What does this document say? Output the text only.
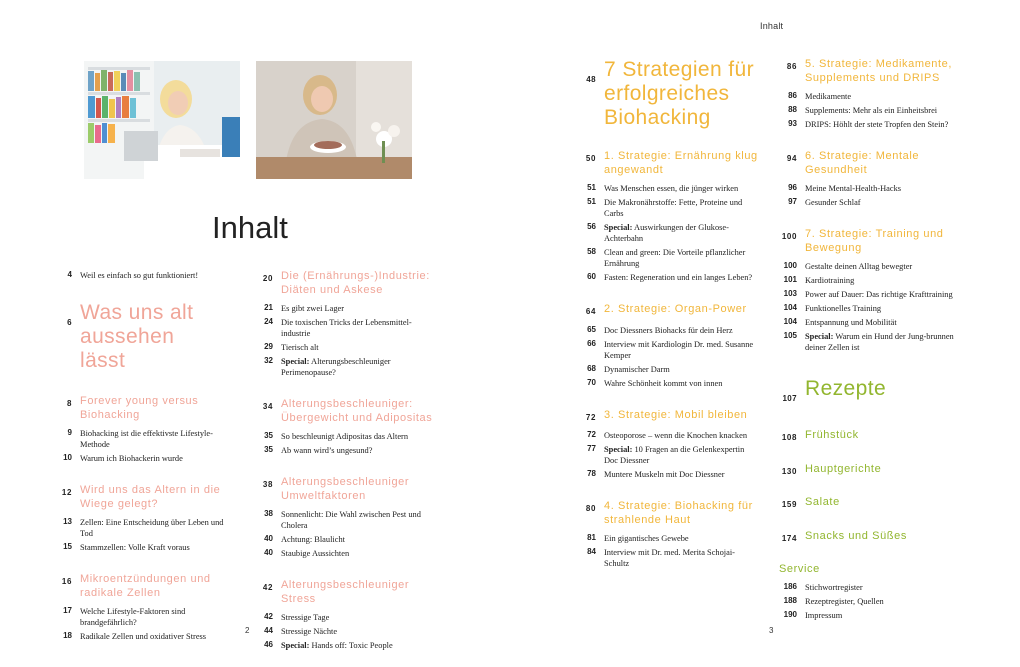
Inhalt
2	3
Inhalt
4 Weil es einfach so gut funktioniert!
6 Was uns alt aussehen lässt
8 Forever young versus Biohacking
9 Biohacking ist die effektivste Lifestyle-Methode
10 Warum ich Biohackerin wurde
12 Wird uns das Altern in die Wiege gelegt?
13 Zellen: Eine Entscheidung über Leben und Tod
15 Stammzellen: Volle Kraft voraus
16 Mikroentzündungen und radikale Zellen
17 Welche Lifestyle-Faktoren sind brandgefährlich?
18 Radikale Zellen und oxidativer Stress
20 Die (Ernährungs-)Industrie: Diäten und Askese
21 Es gibt zwei Lager
24 Die toxischen Tricks der Lebensmittel-industrie
29 Tierisch alt
32 Special: Alterungsbeschleuniger Perimenopause?
34 Alterungsbeschleuniger: Übergewicht und Adipositas
35 So beschleunigt Adipositas das Altern
35 Ab wann wird’s ungesund?
38 Alterungsbeschleuniger Umweltfaktoren
38 Sonnenlicht: Die Wahl zwischen Pest und Cholera
40 Achtung: Blaulicht
40 Staubige Aussichten
42 Alterungsbeschleuniger Stress
42 Stressige Tage
44 Stressige Nächte
46 Special: Hands off: Toxic People
48 7 Strategien für erfolgreiches Biohacking
50 1. Strategie: Ernährung klug angewandt
51 Was Menschen essen, die jünger wirken
51 Die Makronährstoffe: Fette, Proteine und Carbs
56 Special: Auswirkungen der Glukose-Achterbahn
58 Clean and green: Die Vorteile pflanzlicher Ernährung
60 Fasten: Regeneration und ein langes Leben?
64 2. Strategie: Organ-Power
65 Doc Diessners Biohacks für dein Herz
66 Interview mit Kardiologin Dr. med. Susanne Kemper
68 Dynamischer Darm
70 Wahre Schönheit kommt von innen
72 3. Strategie: Mobil bleiben
72 Osteoporose – wenn die Knochen knacken
77 Special: 10 Fragen an die Gelenkexpertin Doc Diessner
78 Muntere Muskeln mit Doc Diessner
80 4. Strategie: Biohacking für strahlende Haut
81 Ein gigantisches Gewebe
84 Interview mit Dr. med. Merita Schojai-Schultz
86 5. Strategie: Medikamente, Supplements und DRIPS
86 Medikamente
88 Supplements: Mehr als ein Einheitsbrei
93 DRIPS: Höhlt der stete Tropfen den Stein?
94 6. Strategie: Mentale Gesundheit
96 Meine Mental-Health-Hacks
97 Gesunder Schlaf
100 7. Strategie: Training und Bewegung
100 Gestalte deinen Alltag bewegter
101 Kardiotraining
103 Power auf Dauer: Das richtige Krafttraining
104 Funktionelles Training
104 Entspannung und Mobilität
105 Special: Warum ein Hund der Jung-brunnen deiner Zellen ist
107 Rezepte
108 Frühstück
130 Hauptgerichte
159 Salate
174 Snacks und Süßes
Service
186 Stichwortregister
188 Rezeptregister, Quellen
190 Impressum
